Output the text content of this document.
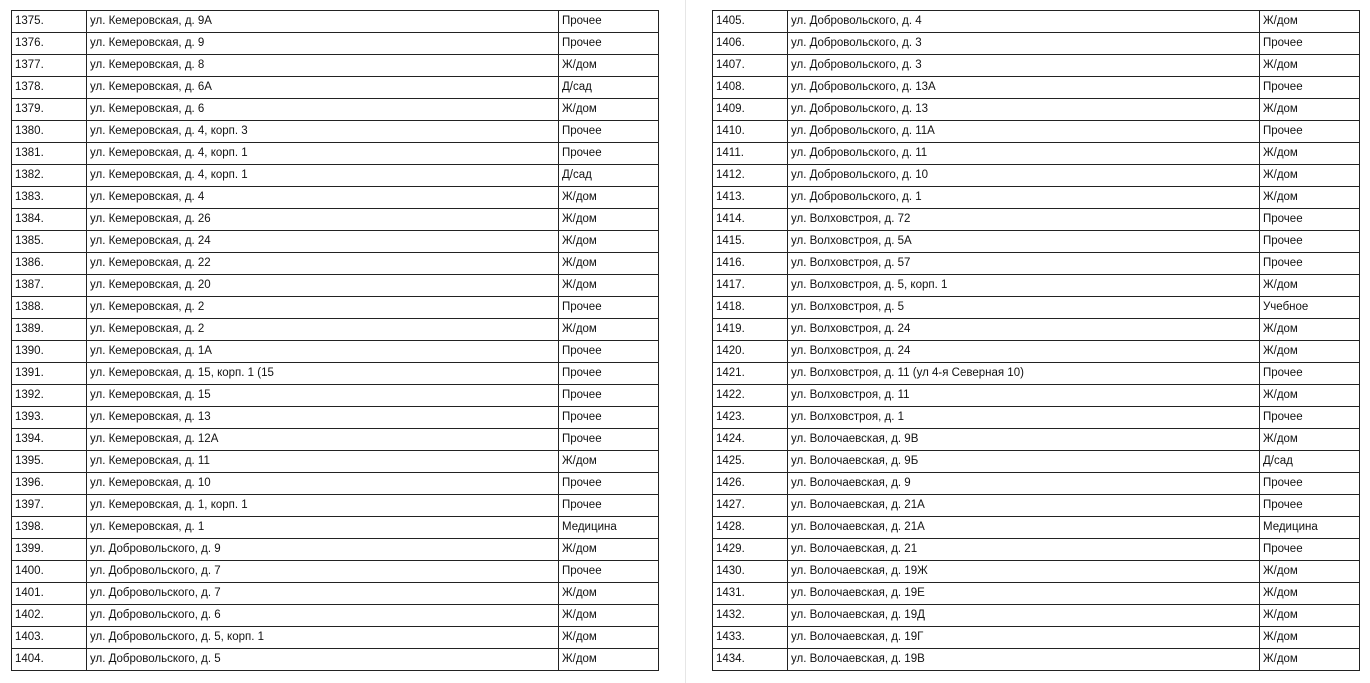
1375.	ул. Кемеровская, д. 9А	Прочее
1376.	ул. Кемеровская, д. 9	Прочее
1377.	ул. Кемеровская, д. 8	Ж/дом
1378.	ул. Кемеровская, д. 6А	Д/сад
1379.	ул. Кемеровская, д. 6	Ж/дом
1380.	ул. Кемеровская, д. 4, корп. 3	Прочее
1381.	ул. Кемеровская, д. 4, корп. 1	Прочее
1382.	ул. Кемеровская, д. 4, корп. 1	Д/сад
1383.	ул. Кемеровская, д. 4	Ж/дом
1384.	ул. Кемеровская, д. 26	Ж/дом
1385.	ул. Кемеровская, д. 24	Ж/дом
1386.	ул. Кемеровская, д. 22	Ж/дом
1387.	ул. Кемеровская, д. 20	Ж/дом
1388.	ул. Кемеровская, д. 2	Прочее
1389.	ул. Кемеровская, д. 2	Ж/дом
1390.	ул. Кемеровская, д. 1А	Прочее
1391.	ул. Кемеровская, д. 15, корп. 1 (15	Прочее
1392.	ул. Кемеровская, д. 15	Прочее
1393.	ул. Кемеровская, д. 13	Прочее
1394.	ул. Кемеровская, д. 12А	Прочее
1395.	ул. Кемеровская, д. 11	Ж/дом
1396.	ул. Кемеровская, д. 10	Прочее
1397.	ул. Кемеровская, д. 1, корп. 1	Прочее
1398.	ул. Кемеровская, д. 1	Медицина
1399.	ул. Добровольского, д. 9	Ж/дом
1400.	ул. Добровольского, д. 7	Прочее
1401.	ул. Добровольского, д. 7	Ж/дом
1402.	ул. Добровольского, д. 6	Ж/дом
1403.	ул. Добровольского, д. 5, корп. 1	Ж/дом
1404.	ул. Добровольского, д. 5	Ж/дом
1405.	ул. Добровольского, д. 4	Ж/дом
1406.	ул. Добровольского, д. 3	Прочее
1407.	ул. Добровольского, д. 3	Ж/дом
1408.	ул. Добровольского, д. 13А	Прочее
1409.	ул. Добровольского, д. 13	Ж/дом
1410.	ул. Добровольского, д. 11А	Прочее
1411.	ул. Добровольского, д. 11	Ж/дом
1412.	ул. Добровольского, д. 10	Ж/дом
1413.	ул. Добровольского, д. 1	Ж/дом
1414.	ул. Волховстроя, д. 72	Прочее
1415.	ул. Волховстроя, д. 5А	Прочее
1416.	ул. Волховстроя, д. 57	Прочее
1417.	ул. Волховстроя, д. 5, корп. 1	Ж/дом
1418.	ул. Волховстроя, д. 5	Учебное
1419.	ул. Волховстроя, д. 24	Ж/дом
1420.	ул. Волховстроя, д. 24	Ж/дом
1421.	ул. Волховстроя, д. 11 (ул 4-я Северная 10)	Прочее
1422.	ул. Волховстроя, д. 11	Ж/дом
1423.	ул. Волховстроя, д. 1	Прочее
1424.	ул. Волочаевская, д. 9В	Ж/дом
1425.	ул. Волочаевская, д. 9Б	Д/сад
1426.	ул. Волочаевская, д. 9	Прочее
1427.	ул. Волочаевская, д. 21А	Прочее
1428.	ул. Волочаевская, д. 21А	Медицина
1429.	ул. Волочаевская, д. 21	Прочее
1430.	ул. Волочаевская, д. 19Ж	Ж/дом
1431.	ул. Волочаевская, д. 19Е	Ж/дом
1432.	ул. Волочаевская, д. 19Д	Ж/дом
1433.	ул. Волочаевская, д. 19Г	Ж/дом
1434.	ул. Волочаевская, д. 19В	Ж/дом
